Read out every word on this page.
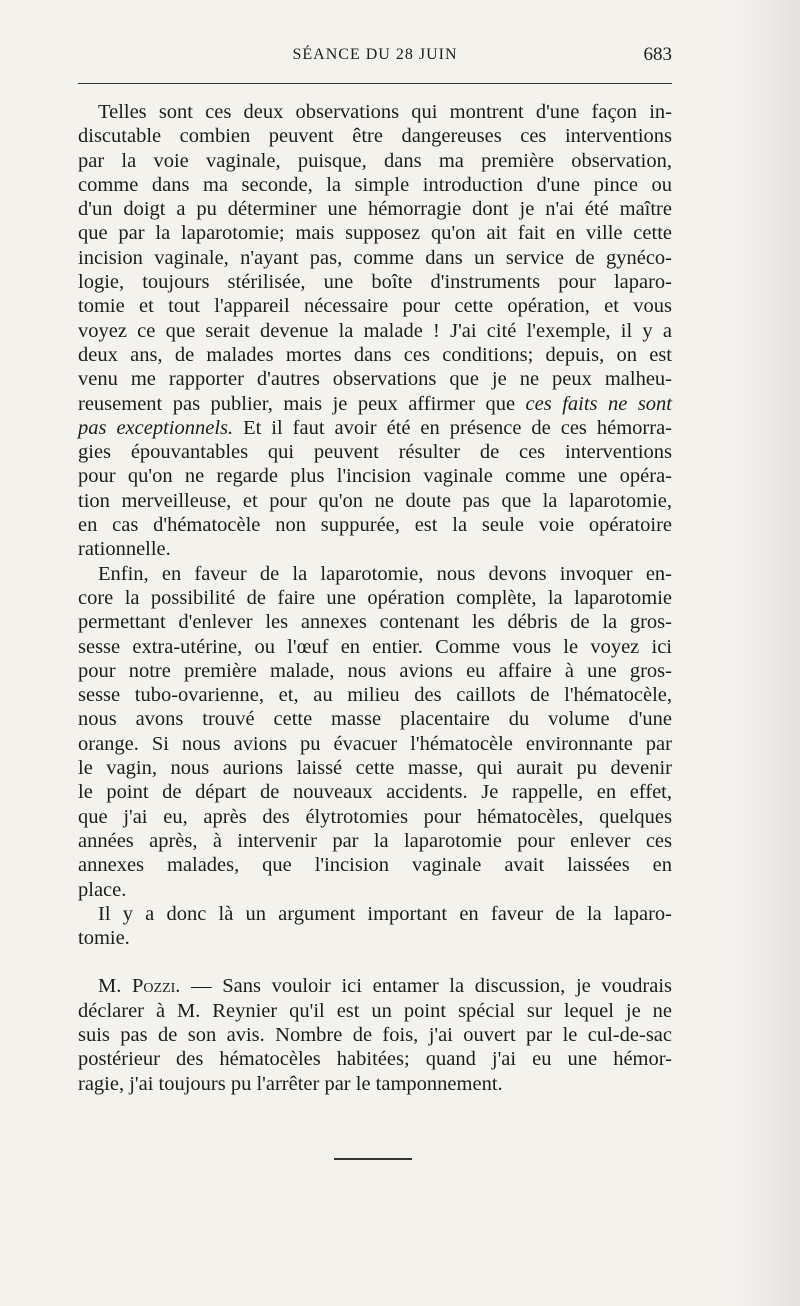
SÉANCE DU 28 JUIN	683
Telles sont ces deux observations qui montrent d'une façon in-
discutable combien peuvent être dangereuses ces interventions
par la voie vaginale, puisque, dans ma première observation,
comme dans ma seconde, la simple introduction d'une pince ou
d'un doigt a pu déterminer une hémorragie dont je n'ai été maître
que par la laparotomie; mais supposez qu'on ait fait en ville cette
incision vaginale, n'ayant pas, comme dans un service de gynéco-
logie, toujours stérilisée, une boîte d'instruments pour laparo-
tomie et tout l'appareil nécessaire pour cette opération, et vous
voyez ce que serait devenue la malade ! J'ai cité l'exemple, il y a
deux ans, de malades mortes dans ces conditions; depuis, on est
venu me rapporter d'autres observations que je ne peux malheu-
reusement pas publier, mais je peux affirmer que ces faits ne sont
pas exceptionnels. Et il faut avoir été en présence de ces hémorra-
gies épouvantables qui peuvent résulter de ces interventions
pour qu'on ne regarde plus l'incision vaginale comme une opéra-
tion merveilleuse, et pour qu'on ne doute pas que la laparotomie,
en cas d'hématocèle non suppurée, est la seule voie opératoire
rationnelle.
Enfin, en faveur de la laparotomie, nous devons invoquer en-
core la possibilité de faire une opération complète, la laparotomie
permettant d'enlever les annexes contenant les débris de la gros-
sesse extra-utérine, ou l'œuf en entier. Comme vous le voyez ici
pour notre première malade, nous avions eu affaire à une gros-
sesse tubo-ovarienne, et, au milieu des caillots de l'hématocèle,
nous avons trouvé cette masse placentaire du volume d'une
orange. Si nous avions pu évacuer l'hématocèle environnante par
le vagin, nous aurions laissé cette masse, qui aurait pu devenir
le point de départ de nouveaux accidents. Je rappelle, en effet,
que j'ai eu, après des élytrotomies pour hématocèles, quelques
années après, à intervenir par la laparotomie pour enlever ces
annexes malades, que l'incision vaginale avait laissées en
place.
Il y a donc là un argument important en faveur de la laparo-
tomie.
M. Pozzi. — Sans vouloir ici entamer la discussion, je voudrais
déclarer à M. Reynier qu'il est un point spécial sur lequel je ne
suis pas de son avis. Nombre de fois, j'ai ouvert par le cul-de-sac
postérieur des hématocèles habitées; quand j'ai eu une hémor-
ragie, j'ai toujours pu l'arrêter par le tamponnement.
